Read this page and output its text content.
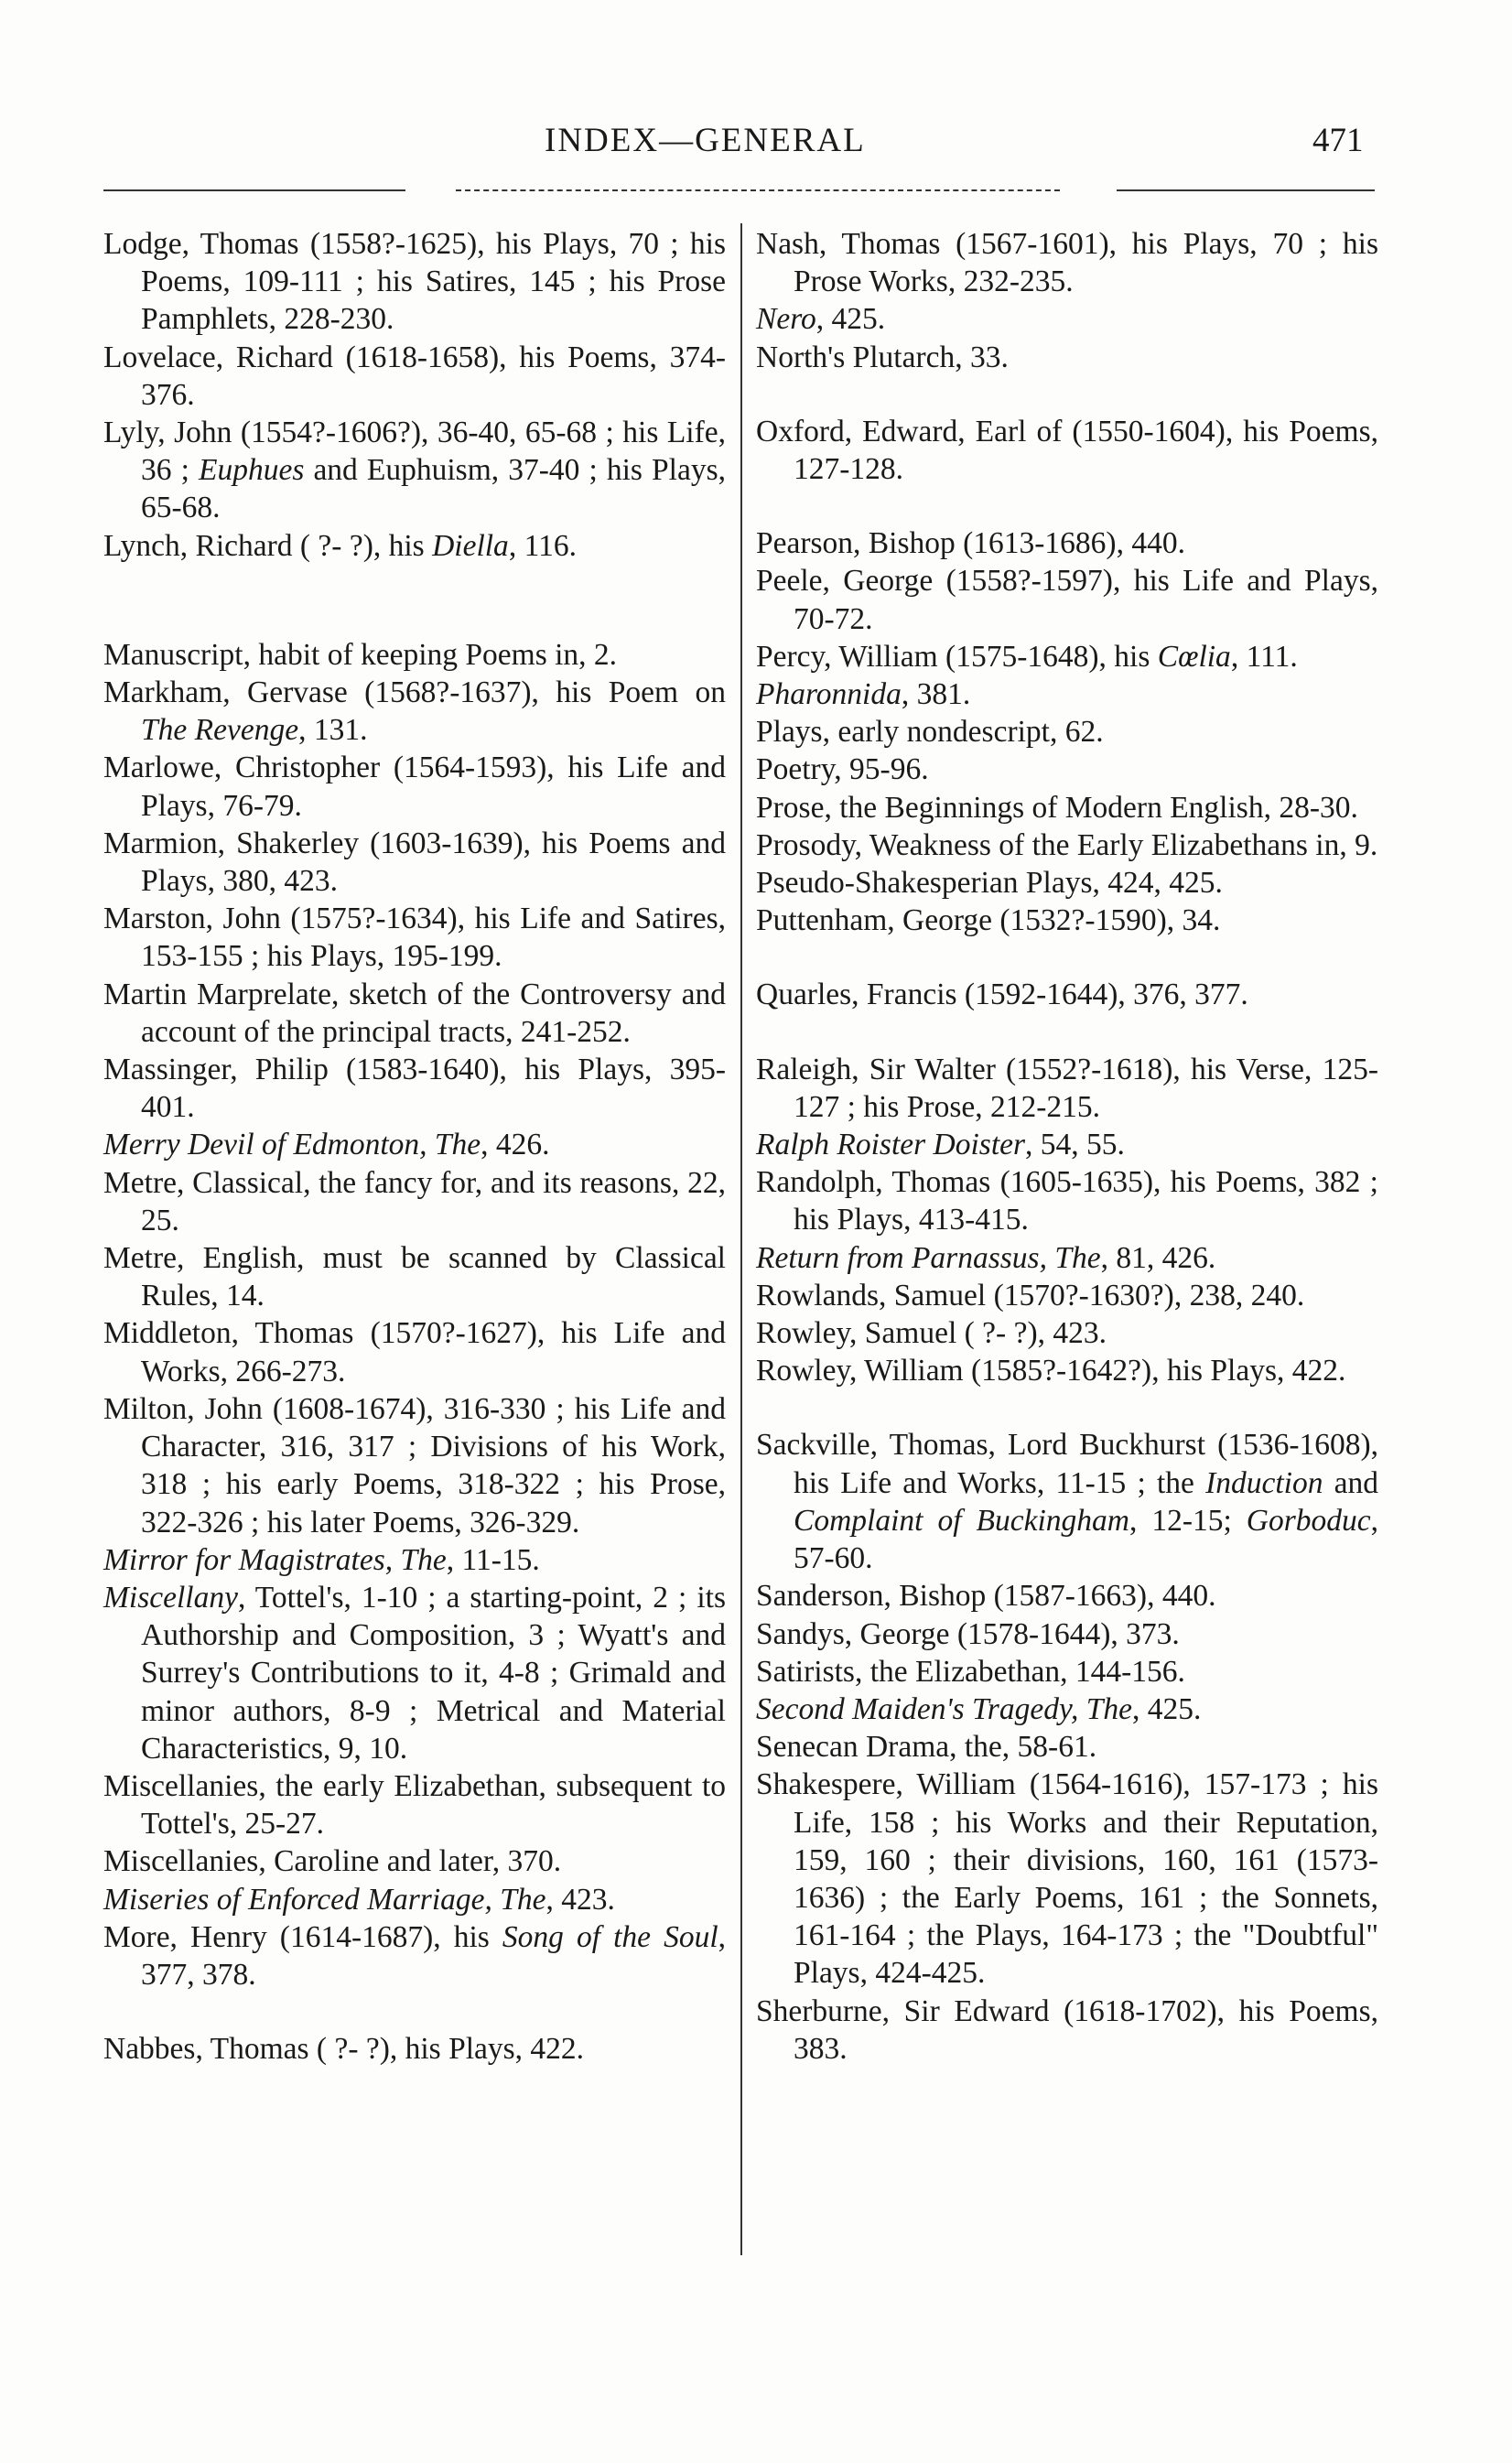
INDEX—GENERAL	471

Lodge, Thomas (1558?-1625), his Plays, 70 ; his Poems, 109-111 ; his Satires, 145 ; his Prose Pamphlets, 228-230.

Lovelace, Richard (1618-1658), his Poems, 374-376.

Lyly, John (1554?-1606?), 36-40, 65-68 ; his Life, 36 ; Euphues and Euphuism, 37-40 ; his Plays, 65-68.

Lynch, Richard ( ?- ?), his Diella, 116.

Manuscript, habit of keeping Poems in, 2.

Markham, Gervase (1568?-1637), his Poem on The Revenge, 131.

Marlowe, Christopher (1564-1593), his Life and Plays, 76-79.

Marmion, Shakerley (1603-1639), his Poems and Plays, 380, 423.

Marston, John (1575?-1634), his Life and Satires, 153-155 ; his Plays, 195-199.

Martin Marprelate, sketch of the Controversy and account of the principal tracts, 241-252.

Massinger, Philip (1583-1640), his Plays, 395-401.

Merry Devil of Edmonton, The, 426.

Metre, Classical, the fancy for, and its reasons, 22, 25.

Metre, English, must be scanned by Classical Rules, 14.

Middleton, Thomas (1570?-1627), his Life and Works, 266-273.

Milton, John (1608-1674), 316-330 ; his Life and Character, 316, 317 ; Divisions of his Work, 318 ; his early Poems, 318-322 ; his Prose, 322-326 ; his later Poems, 326-329.

Mirror for Magistrates, The, 11-15.

Miscellany, Tottel's, 1-10 ; a starting-point, 2 ; its Authorship and Composition, 3 ; Wyatt's and Surrey's Contributions to it, 4-8 ; Grimald and minor authors, 8-9 ; Metrical and Material Characteristics, 9, 10.

Miscellanies, the early Elizabethan, subsequent to Tottel's, 25-27.

Miscellanies, Caroline and later, 370.

Miseries of Enforced Marriage, The, 423.

More, Henry (1614-1687), his Song of the Soul, 377, 378.

Nabbes, Thomas ( ?- ?), his Plays, 422.

Nash, Thomas (1567-1601), his Plays, 70 ; his Prose Works, 232-235.

Nero, 425.

North's Plutarch, 33.

Oxford, Edward, Earl of (1550-1604), his Poems, 127-128.

Pearson, Bishop (1613-1686), 440.

Peele, George (1558?-1597), his Life and Plays, 70-72.

Percy, William (1575-1648), his Cœlia, 111.

Pharonnida, 381.

Plays, early nondescript, 62.

Poetry, 95-96.

Prose, the Beginnings of Modern English, 28-30.

Prosody, Weakness of the Early Elizabethans in, 9.

Pseudo-Shakesperian Plays, 424, 425.

Puttenham, George (1532?-1590), 34.

Quarles, Francis (1592-1644), 376, 377.

Raleigh, Sir Walter (1552?-1618), his Verse, 125-127 ; his Prose, 212-215.

Ralph Roister Doister, 54, 55.

Randolph, Thomas (1605-1635), his Poems, 382 ; his Plays, 413-415.

Return from Parnassus, The, 81, 426.

Rowlands, Samuel (1570?-1630?), 238, 240.

Rowley, Samuel ( ?- ?), 423.

Rowley, William (1585?-1642?), his Plays, 422.

Sackville, Thomas, Lord Buckhurst (1536-1608), his Life and Works, 11-15 ; the Induction and Complaint of Buckingham, 12-15; Gorboduc, 57-60.

Sanderson, Bishop (1587-1663), 440.

Sandys, George (1578-1644), 373.

Satirists, the Elizabethan, 144-156.

Second Maiden's Tragedy, The, 425.

Senecan Drama, the, 58-61.

Shakespere, William (1564-1616), 157-173 ; his Life, 158 ; his Works and their Reputation, 159, 160 ; their divisions, 160, 161 (1573-1636) ; the Early Poems, 161 ; the Sonnets, 161-164 ; the Plays, 164-173 ; the "Doubtful" Plays, 424-425.

Sherburne, Sir Edward (1618-1702), his Poems, 383.
